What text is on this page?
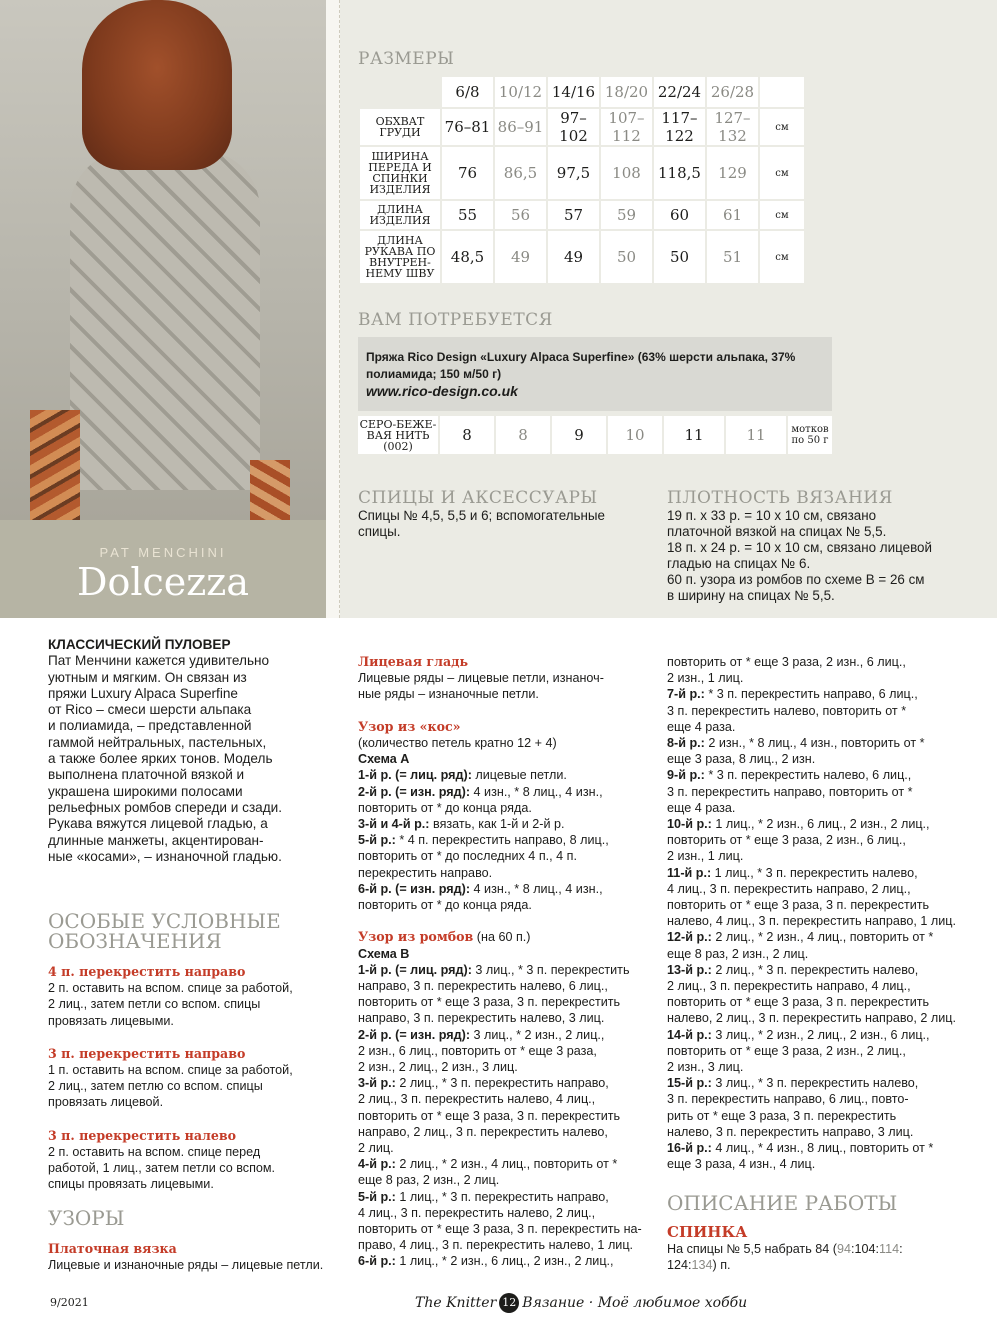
PAT MENCHINI
Dolcezza
РАЗМЕРЫ
	6/8	10/12	14/16	18/20	22/24	26/28	
ОБХВАТ ГРУДИ	76–81	86–91	97–102	107–112	117–122	127–132	см
ШИРИНА ПЕРЕДА И СПИНКИ ИЗДЕЛИЯ	76	86,5	97,5	108	118,5	129	см
ДЛИНА ИЗДЕЛИЯ	55	56	57	59	60	61	см
ДЛИНА РУКАВА ПО ВНУТРЕН-НЕМУ ШВУ	48,5	49	49	50	50	51	см
ВАМ ПОТРЕБУЕТСЯ
Пряжа Rico Design «Luxury Alpaca Superfine» (63% шерсти альпака, 37% полиамида; 150 м/50 г)
www.rico-design.co.uk
СЕРО-БЕЖЕ-ВАЯ НИТЬ (002)	8	8	9	10	11	11	мотков по 50 г
СПИЦЫ И АКСЕССУАРЫ
Спицы № 4,5, 5,5 и 6; вспомогательные спицы.
ПЛОТНОСТЬ ВЯЗАНИЯ
19 п. х 33 р. = 10 х 10 см, связано
платочной вязкой на спицах № 5,5.
18 п. х 24 р. = 10 х 10 см, связано лицевой
гладью на спицах № 6.
60 п. узора из ромбов по схеме В = 26 см
в ширину на спицах № 5,5.
КЛАССИЧЕСКИЙ ПУЛОВЕР
Пат Менчини кажется удивительно
уютным и мягким. Он связан из
пряжи Luxury Alpaca Superfine
от Rico – смеси шерсти альпака
и полиамида, – представленной
гаммой нейтральных, пастельных,
а также более ярких тонов. Модель
выполнена платочной вязкой и
украшена широкими полосами
рельефных ромбов спереди и сзади.
Рукава вяжутся лицевой гладью, а
длинные манжеты, акцентирован-
ные «косами», – изнаночной гладью.
ОСОБЫЕ УСЛОВНЫЕ
ОБОЗНАЧЕНИЯ
4 п. перекрестить направо
2 п. оставить на вспом. спице за работой,
2 лиц., затем петли со вспом. спицы
провязать лицевыми.
3 п. перекрестить направо
1 п. оставить на вспом. спице за работой,
2 лиц., затем петлю со вспом. спицы
провязать лицевой.
3 п. перекрестить налево
2 п. оставить на вспом. спице перед
работой, 1 лиц., затем петли со вспом.
спицы провязать лицевыми.
УЗОРЫ
Платочная вязка
Лицевые и изнаночные ряды – лицевые петли.
Лицевая гладь
Лицевые ряды – лицевые петли, изнаноч-
ные ряды – изнаночные петли.
Узор из «кос»
(количество петель кратно 12 + 4)
Схема А
1-й р. (= лиц. ряд): лицевые петли.
2-й р. (= изн. ряд): 4 изн., * 8 лиц., 4 изн.,
повторить от * до конца ряда.
3-й и 4-й р.: вязать, как 1-й и 2-й р.
5-й р.: * 4 п. перекрестить направо, 8 лиц.,
повторить от * до последних 4 п., 4 п.
перекрестить направо.
6-й р. (= изн. ряд): 4 изн., * 8 лиц., 4 изн.,
повторить от * до конца ряда.
Узор из ромбов (на 60 п.)
Схема В
1-й р. (= лиц. ряд): 3 лиц., * 3 п. перекрестить
направо, 3 п. перекрестить налево, 6 лиц.,
повторить от * еще 3 раза, 3 п. перекрестить
направо, 3 п. перекрестить налево, 3 лиц.
2-й р. (= изн. ряд): 3 лиц., * 2 изн., 2 лиц.,
2 изн., 6 лиц., повторить от * еще 3 раза,
2 изн., 2 лиц., 2 изн., 3 лиц.
3-й р.: 2 лиц., * 3 п. перекрестить направо,
2 лиц., 3 п. перекрестить налево, 4 лиц.,
повторить от * еще 3 раза, 3 п. перекрестить
направо, 2 лиц., 3 п. перекрестить налево,
2 лиц.
4-й р.: 2 лиц., * 2 изн., 4 лиц., повторить от *
еще 8 раз, 2 изн., 2 лиц.
5-й р.: 1 лиц., * 3 п. перекрестить направо,
4 лиц., 3 п. перекрестить налево, 2 лиц.,
повторить от * еще 3 раза, 3 п. перекрестить на-
право, 4 лиц., 3 п. перекрестить налево, 1 лиц.
6-й р.: 1 лиц., * 2 изн., 6 лиц., 2 изн., 2 лиц.,
повторить от * еще 3 раза, 2 изн., 6 лиц.,
2 изн., 1 лиц.
7-й р.: * 3 п. перекрестить направо, 6 лиц.,
3 п. перекрестить налево, повторить от *
еще 4 раза.
8-й р.: 2 изн., * 8 лиц., 4 изн., повторить от *
еще 3 раза, 8 лиц., 2 изн.
9-й р.: * 3 п. перекрестить налево, 6 лиц.,
3 п. перекрестить направо, повторить от *
еще 4 раза.
10-й р.: 1 лиц., * 2 изн., 6 лиц., 2 изн., 2 лиц.,
повторить от * еще 3 раза, 2 изн., 6 лиц.,
2 изн., 1 лиц.
11-й р.: 1 лиц., * 3 п. перекрестить налево,
4 лиц., 3 п. перекрестить направо, 2 лиц.,
повторить от * еще 3 раза, 3 п. перекрестить
налево, 4 лиц., 3 п. перекрестить направо, 1 лиц.
12-й р.: 2 лиц., * 2 изн., 4 лиц., повторить от *
еще 8 раз, 2 изн., 2 лиц.
13-й р.: 2 лиц., * 3 п. перекрестить налево,
2 лиц., 3 п. перекрестить направо, 4 лиц.,
повторить от * еще 3 раза, 3 п. перекрестить
налево, 2 лиц., 3 п. перекрестить направо, 2 лиц.
14-й р.: 3 лиц., * 2 изн., 2 лиц., 2 изн., 6 лиц.,
повторить от * еще 3 раза, 2 изн., 2 лиц.,
2 изн., 3 лиц.
15-й р.: 3 лиц., * 3 п. перекрестить налево,
3 п. перекрестить направо, 6 лиц., повто-
рить от * еще 3 раза, 3 п. перекрестить
налево, 3 п. перекрестить направо, 3 лиц.
16-й р.: 4 лиц., * 4 изн., 8 лиц., повторить от *
еще 3 раза, 4 изн., 4 лиц.
ОПИСАНИЕ РАБОТЫ
СПИНКА
На спицы № 5,5 набрать 84 (94:104:114:
124:134) п.
9/2021	The Knitter 12 Вязание · Моё любимое хобби
